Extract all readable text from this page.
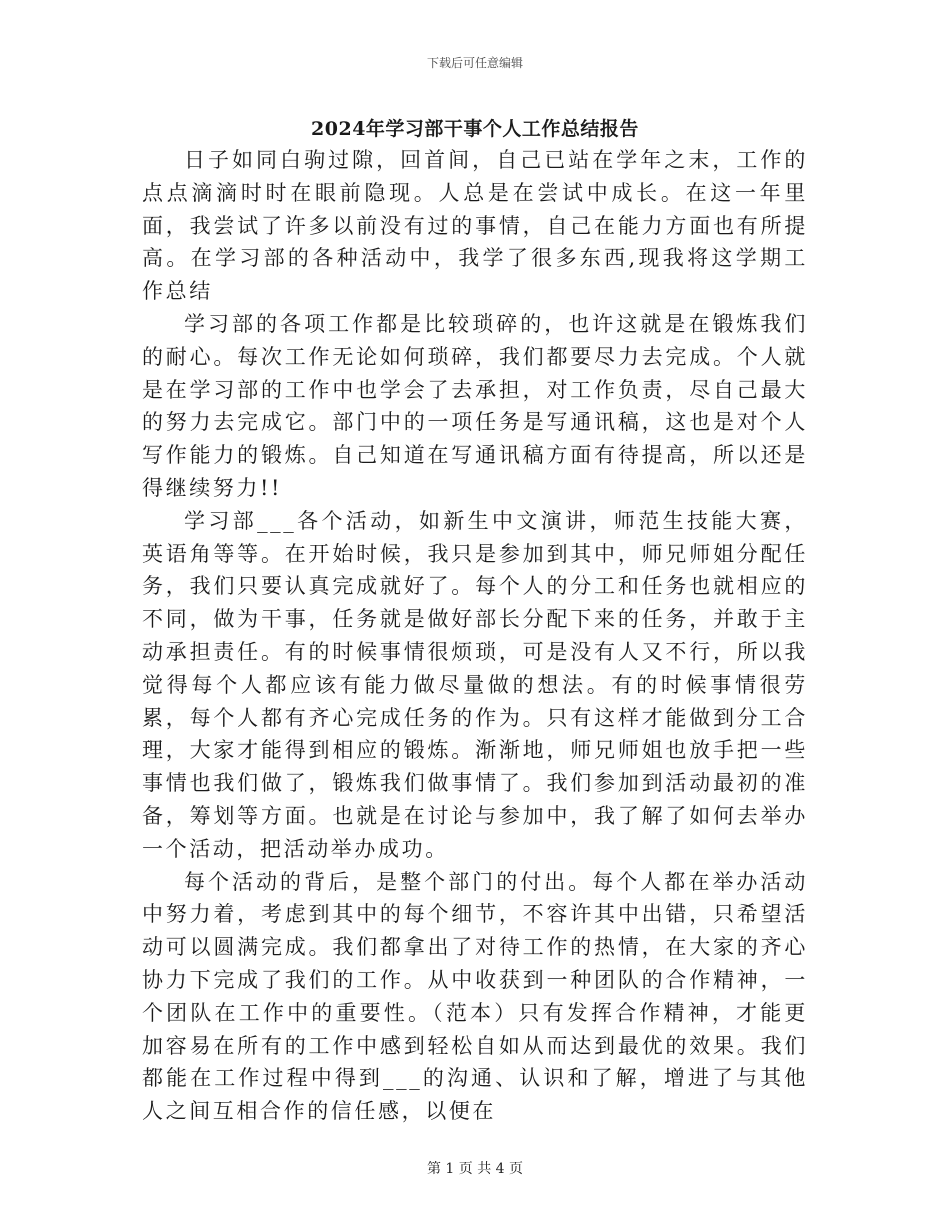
下载后可任意编辑
2024年学习部干事个人工作总结报告

日子如同白驹过隙，回首间，自己已站在学年之末，工作的点点滴滴时时在眼前隐现。人总是在尝试中成长。在这一年里面，我尝试了许多以前没有过的事情，自己在能力方面也有所提高。在学习部的各种活动中，我学了很多东西,现我将这学期工作总结

学习部的各项工作都是比较琐碎的，也许这就是在锻炼我们的耐心。每次工作无论如何琐碎，我们都要尽力去完成。个人就是在学习部的工作中也学会了去承担，对工作负责，尽自己最大的努力去完成它。部门中的一项任务是写通讯稿，这也是对个人写作能力的锻炼。自己知道在写通讯稿方面有待提高，所以还是得继续努力!!

学习部___各个活动，如新生中文演讲，师范生技能大赛，英语角等等。在开始时候，我只是参加到其中，师兄师姐分配任务，我们只要认真完成就好了。每个人的分工和任务也就相应的不同，做为干事，任务就是做好部长分配下来的任务，并敢于主动承担责任。有的时候事情很烦琐，可是没有人又不行，所以我觉得每个人都应该有能力做尽量做的想法。有的时候事情很劳累，每个人都有齐心完成任务的作为。只有这样才能做到分工合理，大家才能得到相应的锻炼。渐渐地，师兄师姐也放手把一些事情也我们做了，锻炼我们做事情了。我们参加到活动最初的准备，筹划等方面。也就是在讨论与参加中，我了解了如何去举办一个活动，把活动举办成功。

每个活动的背后，是整个部门的付出。每个人都在举办活动中努力着，考虑到其中的每个细节，不容许其中出错，只希望活动可以圆满完成。我们都拿出了对待工作的热情，在大家的齐心协力下完成了我们的工作。从中收获到一种团队的合作精神，一个团队在工作中的重要性。（范本）只有发挥合作精神，才能更加容易在所有的工作中感到轻松自如从而达到最优的效果。我们都能在工作过程中得到___的沟通、认识和了解，增进了与其他人之间互相合作的信任感，以便在

第 1 页 共 4 页
